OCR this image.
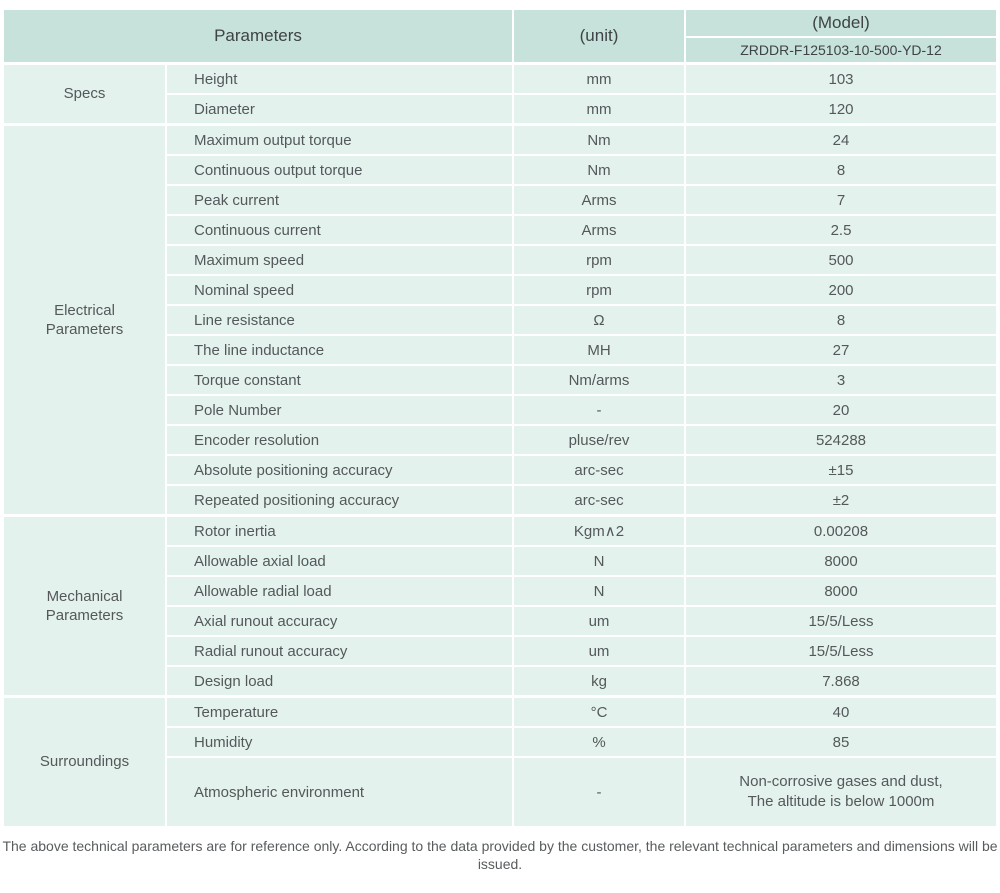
Parameters		(unit)	(Model)
			ZRDDR-F125103-10-500-YD-12

Specs	Height	mm	103
	Diameter	mm	120

Electrical
Parameters	Maximum output torque	Nm	24
	Continuous output torque	Nm	8
	Peak current	Arms	7
	Continuous current	Arms	2.5
	Maximum speed	rpm	500
	Nominal speed	rpm	200
	Line resistance	Ω	8
	The line inductance	MH	27
	Torque constant	Nm/arms	3
	Pole Number	-	20
	Encoder resolution	pluse/rev	524288
	Absolute positioning accuracy	arc-sec	±15
	Repeated positioning accuracy	arc-sec	±2

Mechanical
Parameters	Rotor inertia	Kgm∧2	0.00208
	Allowable axial load	N	8000
	Allowable radial load	N	8000
	Axial runout accuracy	um	15/5/Less
	Radial runout accuracy	um	15/5/Less
	Design load	kg	7.868

Surroundings	Temperature	°C	40
	Humidity	%	85
	Atmospheric environment	-	Non-corrosive gases and dust,
The altitude is below 1000m
The above technical parameters are for reference only. According to the data provided by the customer, the relevant technical parameters and dimensions will be issued.
